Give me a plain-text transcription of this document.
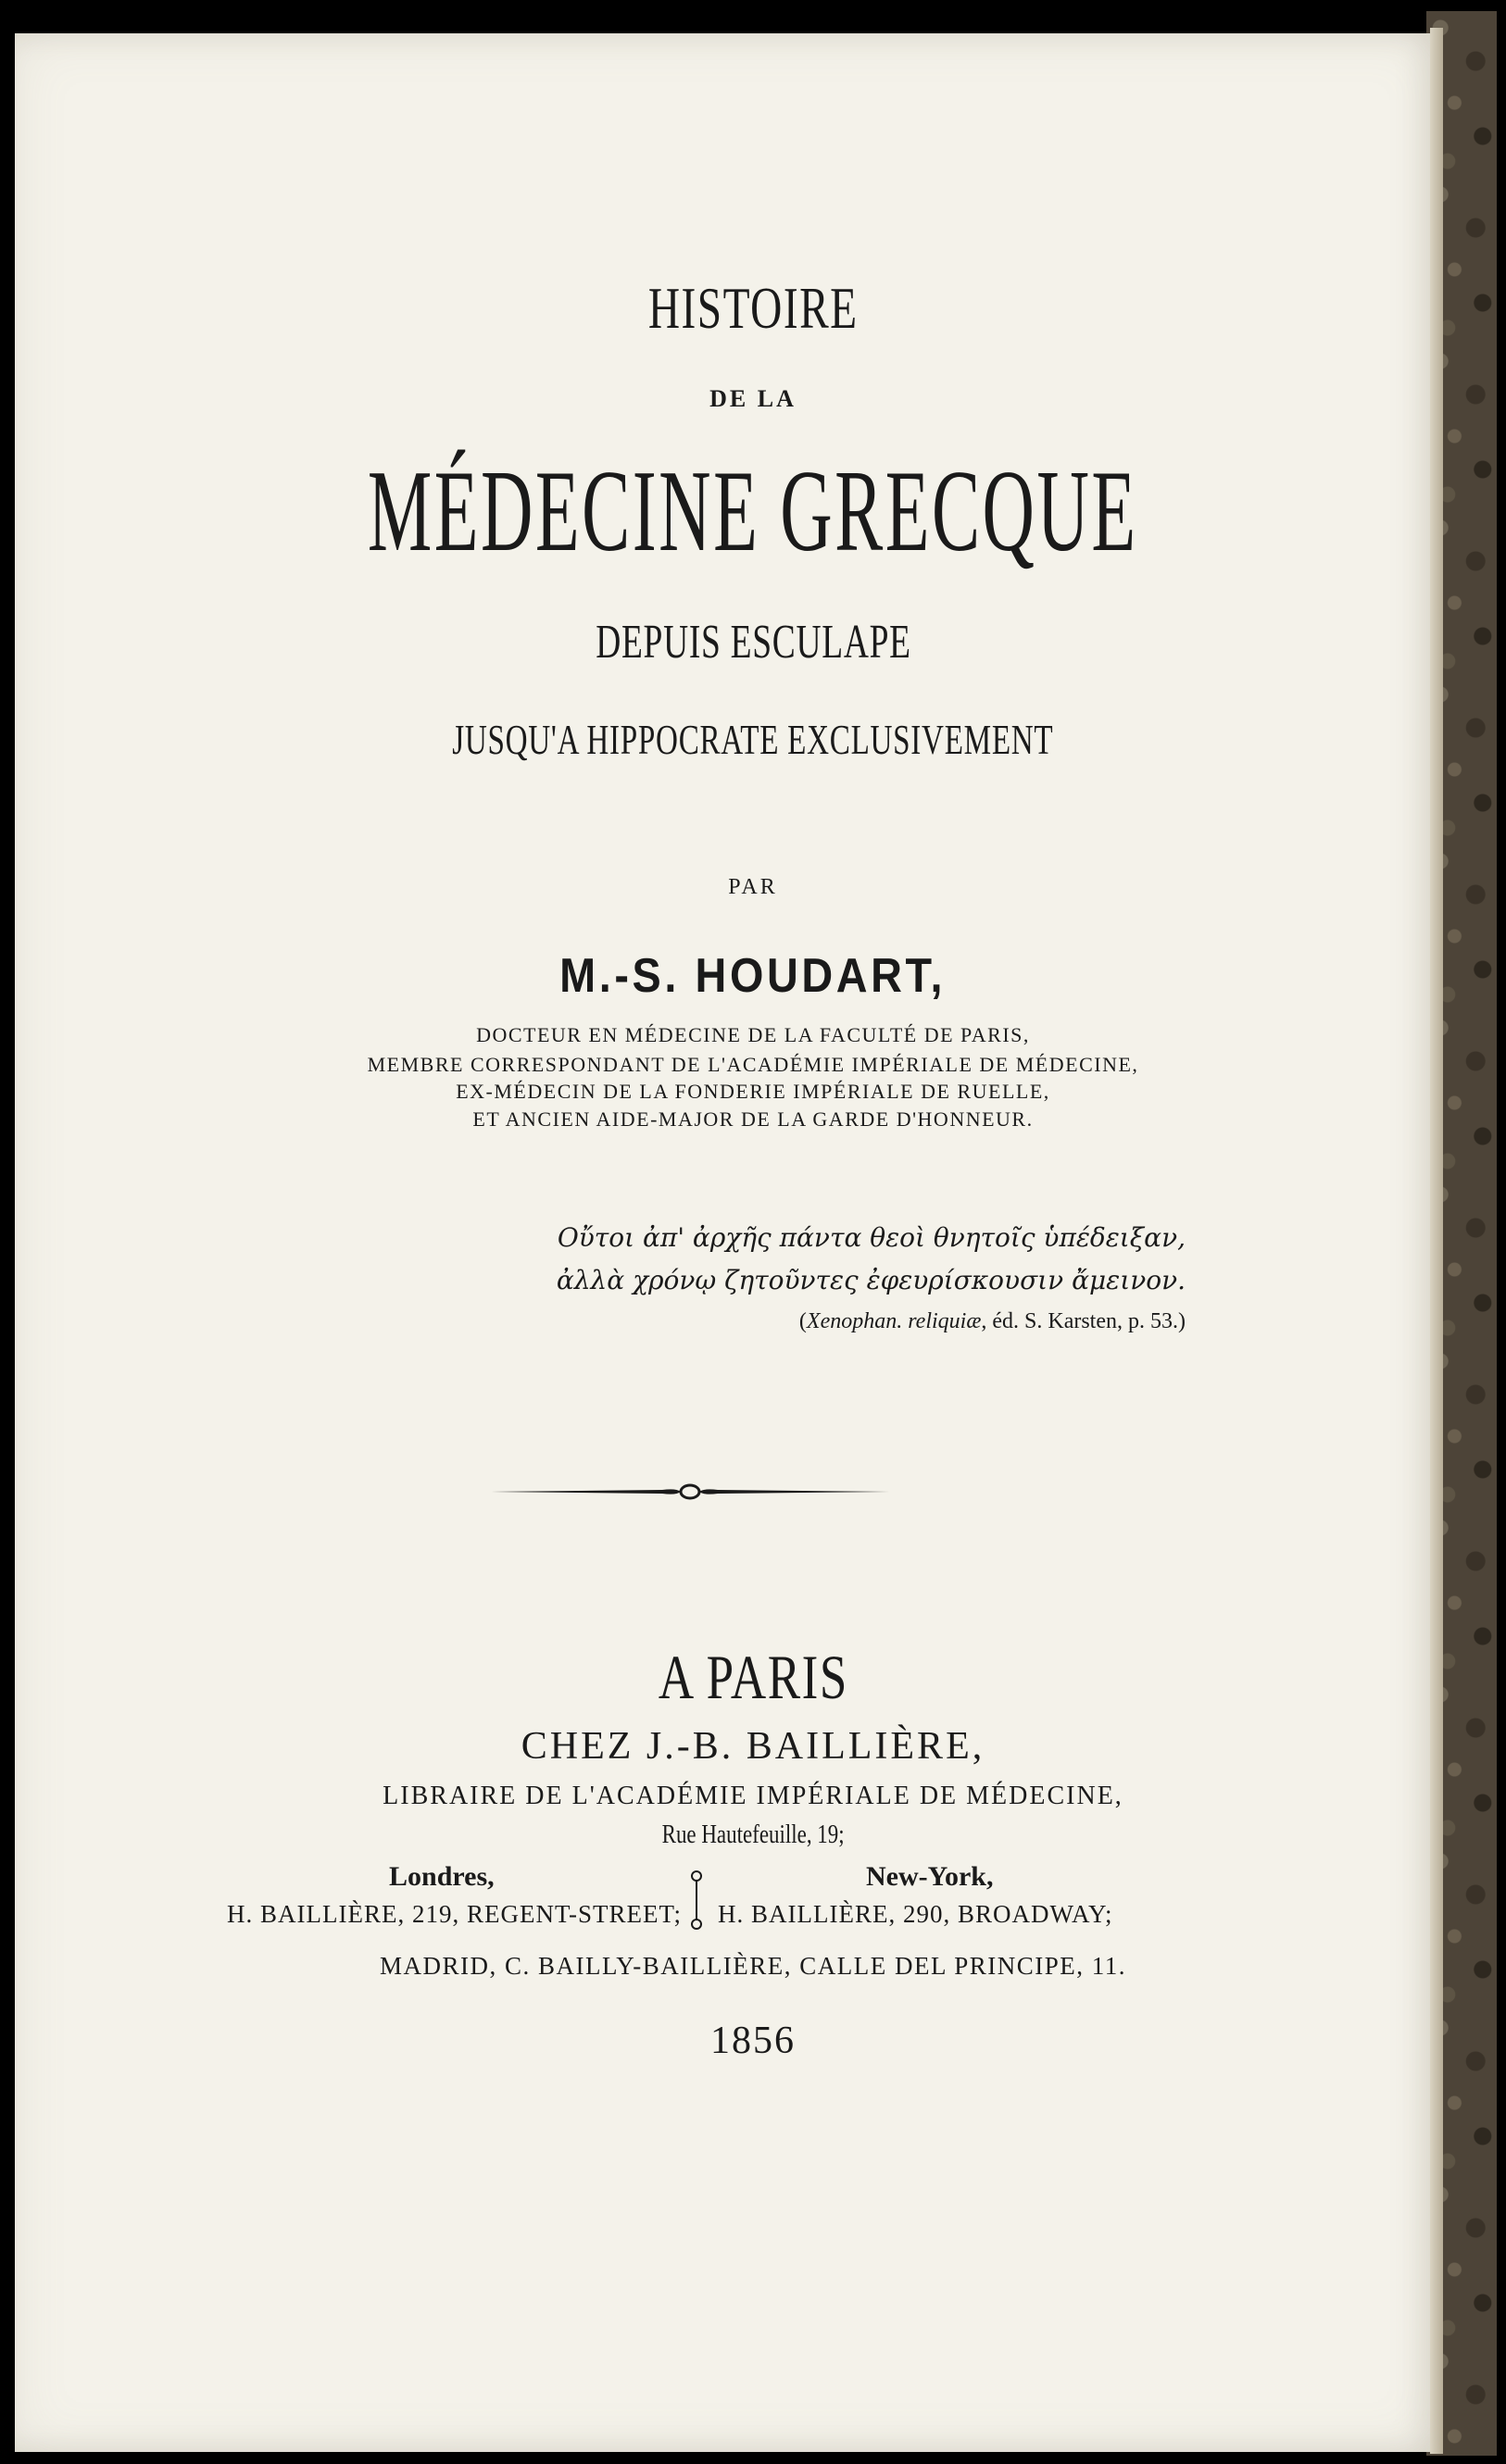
HISTOIRE
DE LA
MÉDECINE GRECQUE
DEPUIS ESCULAPE
JUSQU'A HIPPOCRATE EXCLUSIVEMENT
PAR
M.-S. HOUDART,
DOCTEUR EN MÉDECINE DE LA FACULTÉ DE PARIS,
MEMBRE CORRESPONDANT DE L'ACADÉMIE IMPÉRIALE DE MÉDECINE,
EX-MÉDECIN DE LA FONDERIE IMPÉRIALE DE RUELLE,
ET ANCIEN AIDE-MAJOR DE LA GARDE D'HONNEUR.
Οὔτοι ἀπ' ἀρχῆς πάντα θεοὶ θνητοῖς ὑπέδειξαν,
ἀλλὰ χρόνῳ ζητοῦντες ἐφευρίσκουσιν ἄμεινον.
(Xenophan. reliquiæ, éd. S. Karsten, p. 53.)
A PARIS
CHEZ J.-B. BAILLIÈRE,
LIBRAIRE DE L'ACADÉMIE IMPÉRIALE DE MÉDECINE,
Rue Hautefeuille, 19;
Londres,	New-York,
H. BAILLIÈRE, 219, REGENT-STREET; H. BAILLIÈRE, 290, BROADWAY;
MADRID, C. BAILLY-BAILLIÈRE, CALLE DEL PRINCIPE, 11.
1856
